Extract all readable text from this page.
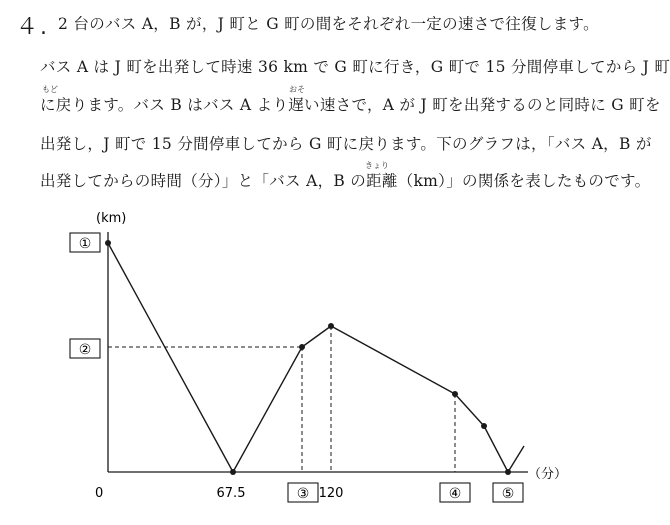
４. 2 台のバス A，B が，J 町と G 町の間をそれぞれ一定の速さで往復します。
バス A は J 町を出発して時速 36 km で G 町に行き，G 町で 15 分間停車してから J 町
もど	おそ
に戻ります。バス B はバス A より遅い速さで，A が J 町を出発するのと同時に G 町を
出発し，J 町で 15 分間停車してから G 町に戻ります。下のグラフは，「バス A，B が
きょり
出発してからの時間（分）」と「バス A，B の距離（km）」の関係を表したものです。
(km)
（分）
0
①
②
67.5	120
③	④	⑤
